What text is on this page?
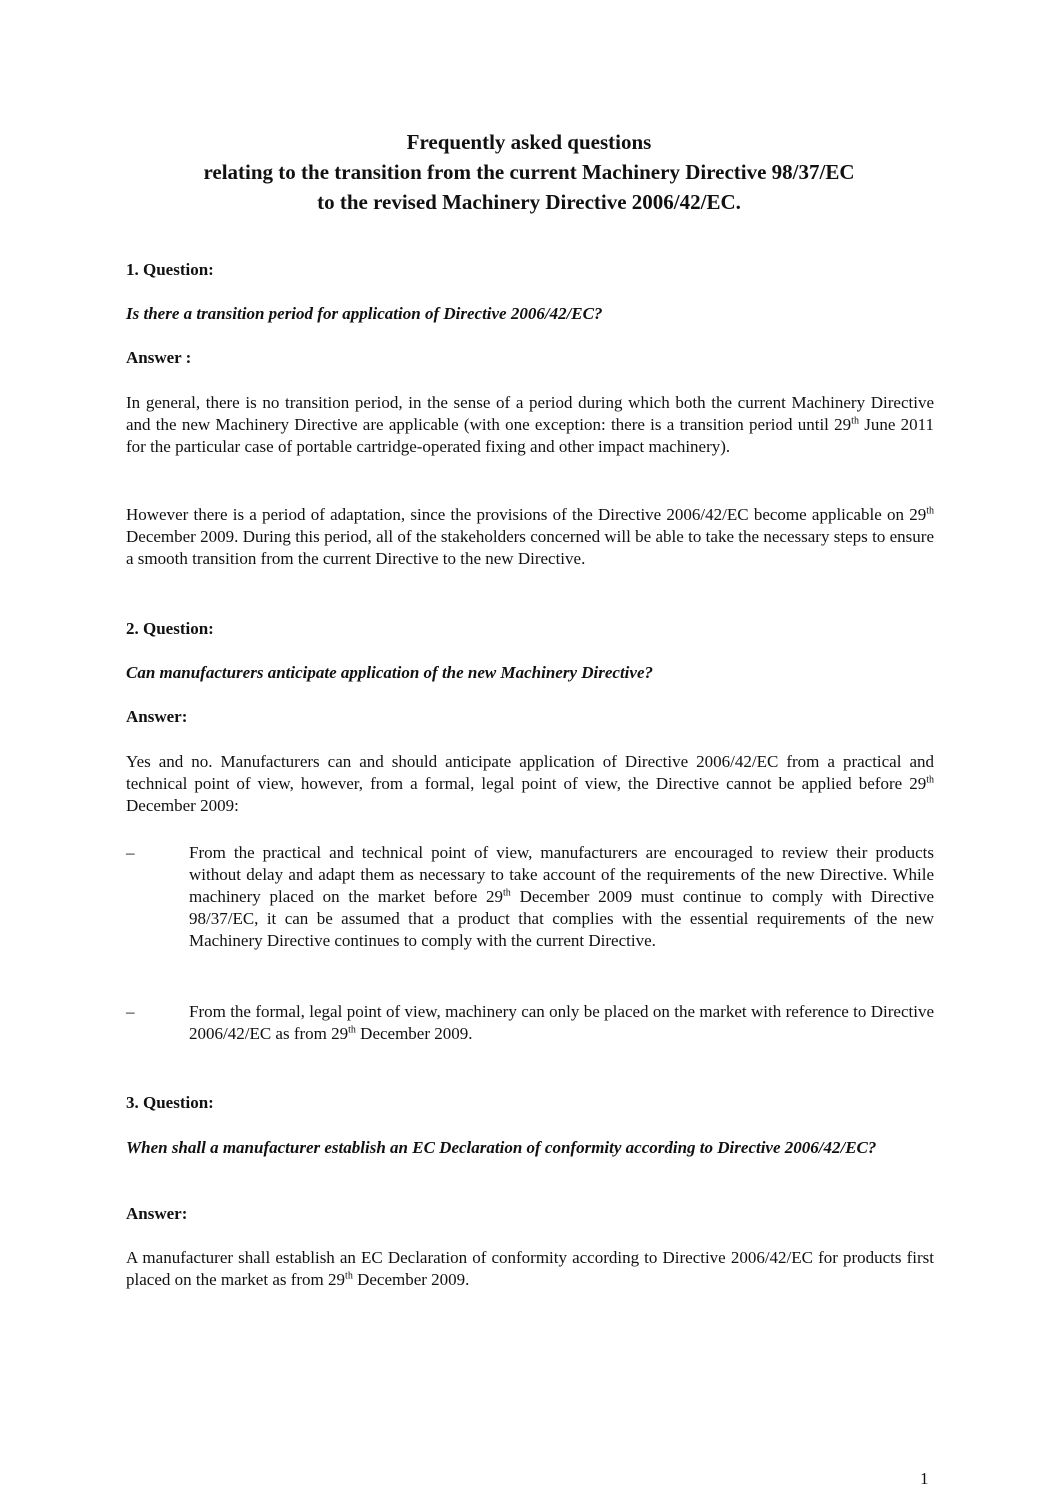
Frequently asked questions
relating to the transition from the current Machinery Directive 98/37/EC
to the revised Machinery Directive 2006/42/EC.
1. Question:
Is there a transition period for application of Directive 2006/42/EC?
Answer :
In general, there is no transition period, in the sense of a period during which both the current Machinery Directive and the new Machinery Directive are applicable (with one exception: there is a transition period until 29th June 2011 for the particular case of portable cartridge-operated fixing and other impact machinery).
However there is a period of adaptation, since the provisions of the Directive 2006/42/EC become applicable on 29th December 2009. During this period, all of the stakeholders concerned will be able to take the necessary steps to ensure a smooth transition from the current Directive to the new Directive.
2. Question:
Can manufacturers anticipate application of the new Machinery Directive?
Answer:
Yes and no. Manufacturers can and should anticipate application of Directive 2006/42/EC from a practical and technical point of view, however, from a formal, legal point of view, the Directive cannot be applied before 29th December 2009:
–	From the practical and technical point of view, manufacturers are encouraged to review their products without delay and adapt them as necessary to take account of the requirements of the new Directive. While machinery placed on the market before 29th December 2009 must continue to comply with Directive 98/37/EC, it can be assumed that a product that complies with the essential requirements of the new Machinery Directive continues to comply with the current Directive.
–	From the formal, legal point of view, machinery can only be placed on the market with reference to Directive 2006/42/EC as from 29th December 2009.
3. Question:
When shall a manufacturer establish an EC Declaration of conformity according to Directive 2006/42/EC?
Answer:
A manufacturer shall establish an EC Declaration of conformity according to Directive 2006/42/EC for products first placed on the market as from 29th December 2009.
1
